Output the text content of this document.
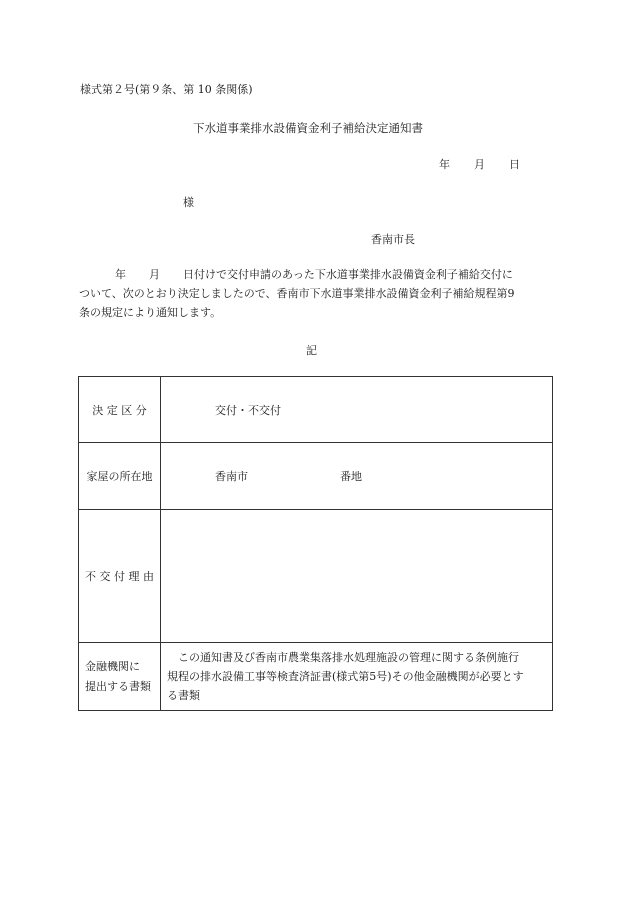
様式第２号(第９条、第 10 条関係)
下水道事業排水設備資金利子補給決定通知書
年 月 日
様
香南市長
年 月 日付けで交付申請のあった下水道事業排水設備資金利子補給交付に
ついて、次のとおり決定しましたので、香南市下水道事業排水設備資金利子補給規程第9
条の規定により通知します。
記
決 定 区 分	交付・不交付
家屋の所在地	香南市 番地
不 交 付 理 由	

金融機関に
提出する書類	この通知書及び香南市農業集落排水処理施設の管理に関する条例施行
規程の排水設備工事等検査済証書(様式第5号)その他金融機関が必要とす
る書類
